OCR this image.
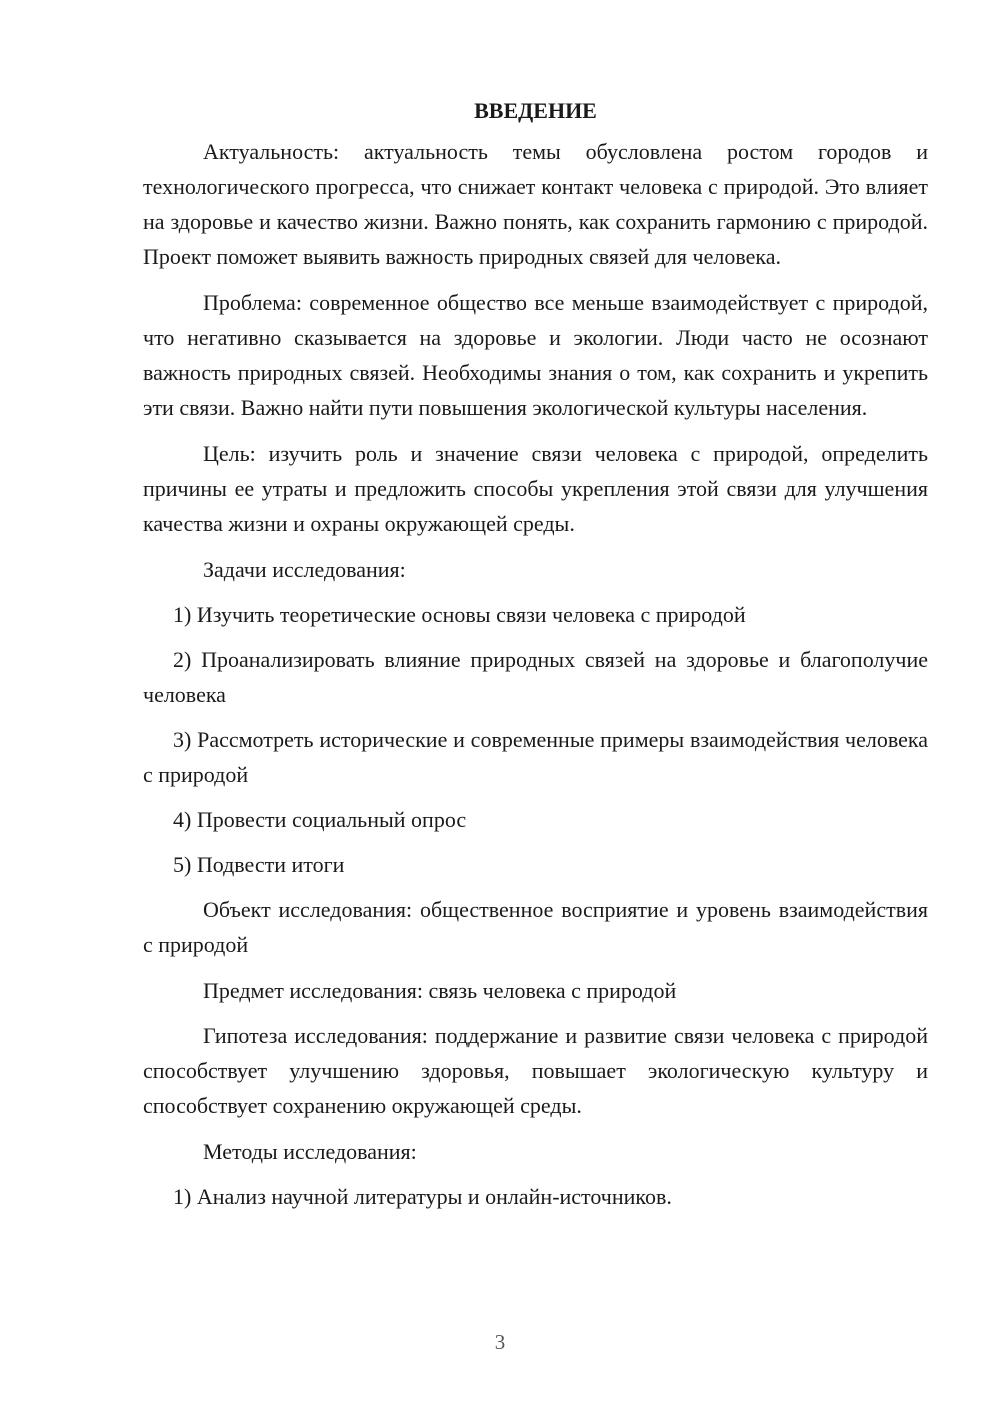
ВВЕДЕНИЕ

Актуальность: актуальность темы обусловлена ростом городов и технологического прогресса, что снижает контакт человека с природой. Это влияет на здоровье и качество жизни. Важно понять, как сохранить гармонию с природой. Проект поможет выявить важность природных связей для человека.

Проблема: современное общество все меньше взаимодействует с природой, что негативно сказывается на здоровье и экологии. Люди часто не осознают важность природных связей. Необходимы знания о том, как сохранить и укрепить эти связи. Важно найти пути повышения экологической культуры населения.

Цель: изучить роль и значение связи человека с природой, определить причины ее утраты и предложить способы укрепления этой связи для улучшения качества жизни и охраны окружающей среды.

Задачи исследования:

1) Изучить теоретические основы связи человека с природой

2) Проанализировать влияние природных связей на здоровье и благополучие человека

3) Рассмотреть исторические и современные примеры взаимодействия человека с природой

4) Провести социальный опрос

5) Подвести итоги

Объект исследования: общественное восприятие и уровень взаимодействия с природой

Предмет исследования: связь человека с природой

Гипотеза исследования: поддержание и развитие связи человека с природой способствует улучшению здоровья, повышает экологическую культуру и способствует сохранению окружающей среды.

Методы исследования:

1) Анализ научной литературы и онлайн-источников.

3
